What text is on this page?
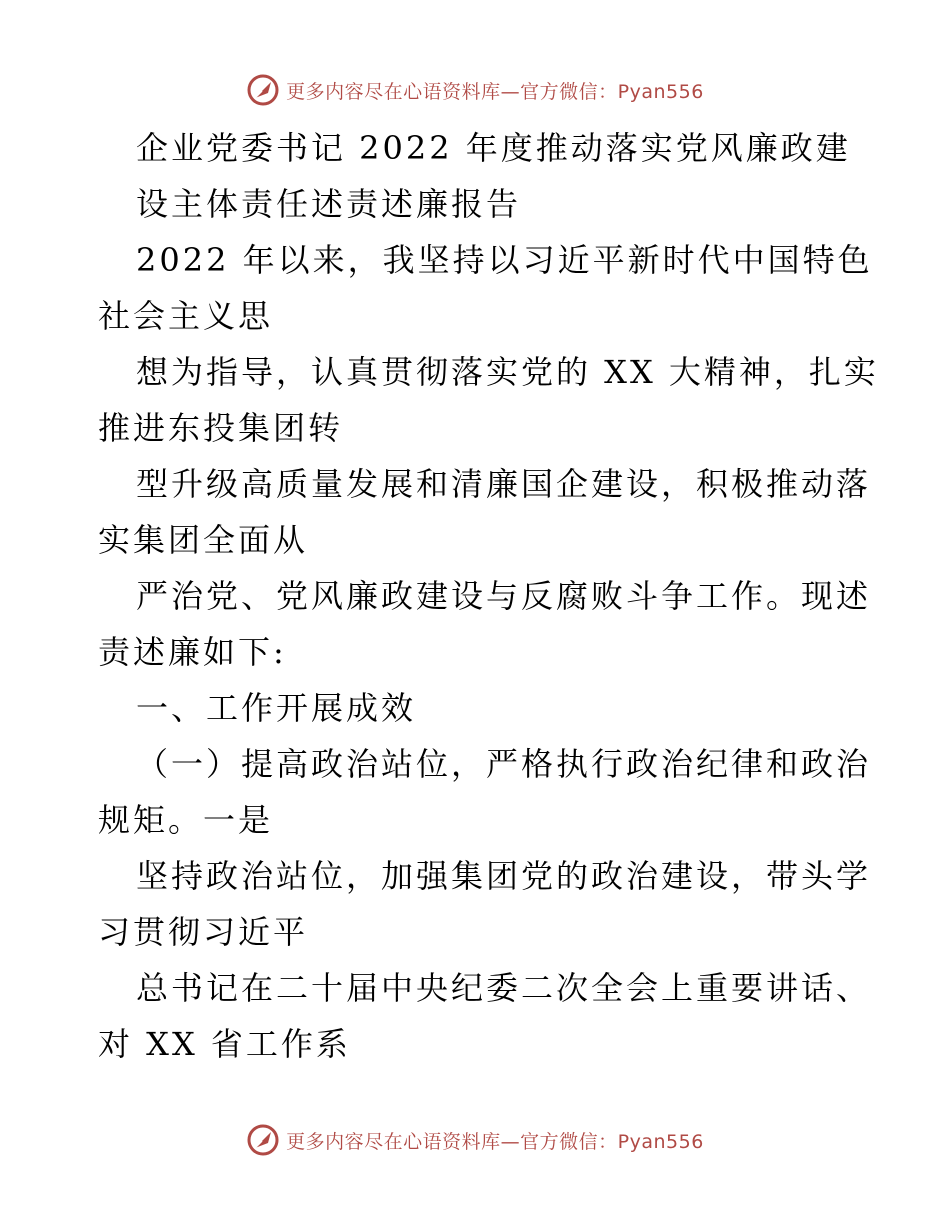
更多内容尽在心语资料库—官方微信：Pyan556
企业党委书记 2022 年度推动落实党风廉政建
设主体责任述责述廉报告
2022 年以来，我坚持以习近平新时代中国特色
社会主义思
想为指导，认真贯彻落实党的 XX 大精神，扎实
推进东投集团转
型升级高质量发展和清廉国企建设，积极推动落
实集团全面从
严治党、党风廉政建设与反腐败斗争工作。现述
责述廉如下:
一、工作开展成效
（一）提高政治站位，严格执行政治纪律和政治
规矩。一是
坚持政治站位，加强集团党的政治建设，带头学
习贯彻习近平
总书记在二十届中央纪委二次全会上重要讲话、
对 XX 省工作系
更多内容尽在心语资料库—官方微信：Pyan556
